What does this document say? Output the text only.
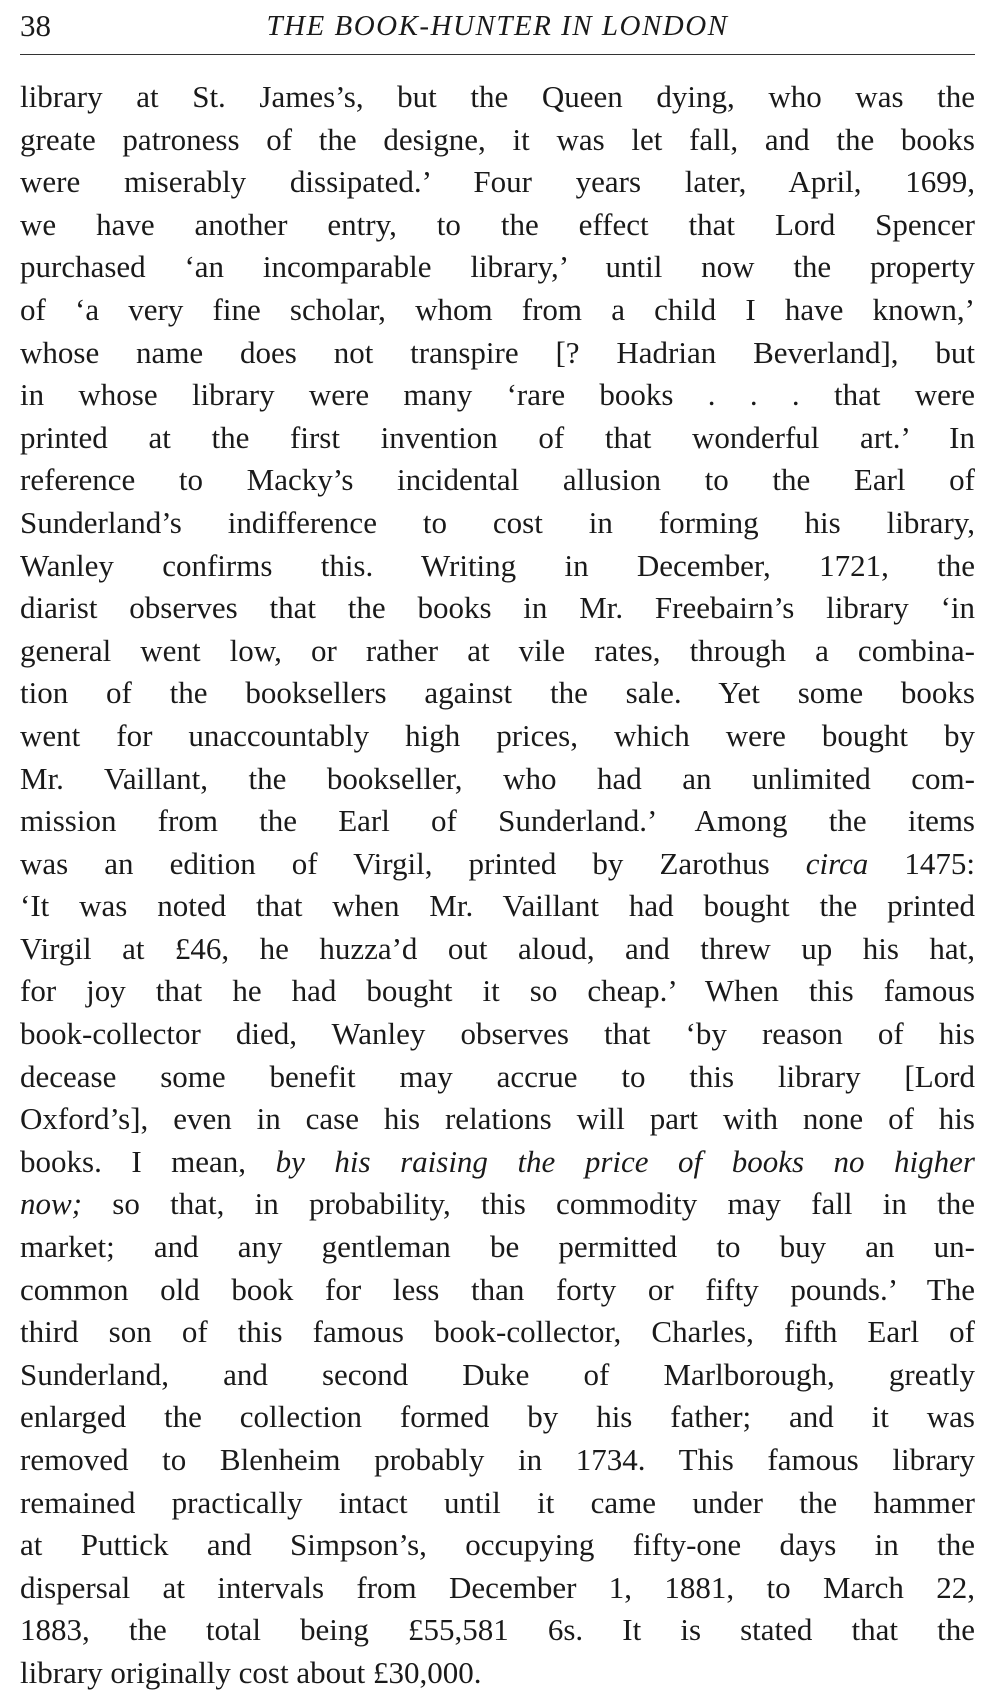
38	THE BOOK-HUNTER IN LONDON
library at St. James’s, but the Queen dying, who was the
greate patroness of the designe, it was let fall, and the books
were miserably dissipated.’ Four years later, April, 1699,
we have another entry, to the effect that Lord Spencer
purchased ‘an incomparable library,’ until now the property
of ‘a very fine scholar, whom from a child I have known,’
whose name does not transpire [? Hadrian Beverland], but
in whose library were many ‘rare books . . . that were
printed at the first invention of that wonderful art.’ In
reference to Macky’s incidental allusion to the Earl of
Sunderland’s indifference to cost in forming his library,
Wanley confirms this. Writing in December, 1721, the
diarist observes that the books in Mr. Freebairn’s library ‘in
general went low, or rather at vile rates, through a combina-
tion of the booksellers against the sale. Yet some books
went for unaccountably high prices, which were bought by
Mr. Vaillant, the bookseller, who had an unlimited com-
mission from the Earl of Sunderland.’ Among the items
was an edition of Virgil, printed by Zarothus circa 1475:
‘It was noted that when Mr. Vaillant had bought the printed
Virgil at £46, he huzza’d out aloud, and threw up his hat,
for joy that he had bought it so cheap.’ When this famous
book-collector died, Wanley observes that ‘by reason of his
decease some benefit may accrue to this library [Lord
Oxford’s], even in case his relations will part with none of his
books. I mean, by his raising the price of books no higher
now; so that, in probability, this commodity may fall in the
market; and any gentleman be permitted to buy an un-
common old book for less than forty or fifty pounds.’ The
third son of this famous book-collector, Charles, fifth Earl of
Sunderland, and second Duke of Marlborough, greatly
enlarged the collection formed by his father; and it was
removed to Blenheim probably in 1734. This famous library
remained practically intact until it came under the hammer
at Puttick and Simpson’s, occupying fifty-one days in the
dispersal at intervals from December 1, 1881, to March 22,
1883, the total being £55,581 6s. It is stated that the
library originally cost about £30,000.
